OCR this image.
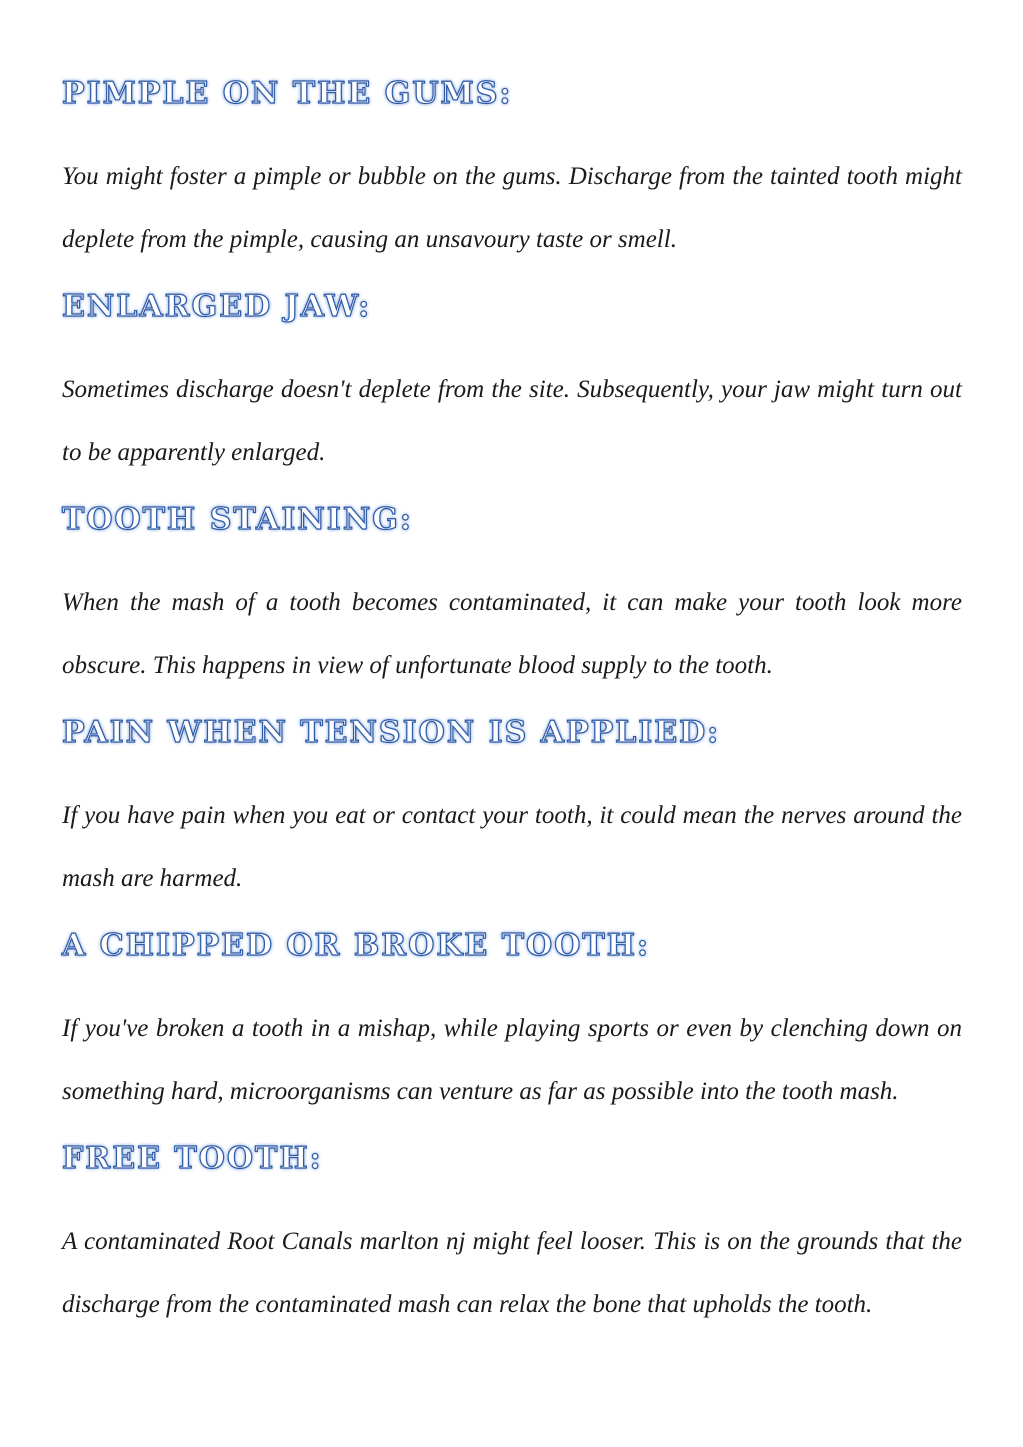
PIMPLE ON THE GUMS:

You might foster a pimple or bubble on the gums. Discharge from the tainted tooth might deplete from the pimple, causing an unsavoury taste or smell.

ENLARGED JAW:

Sometimes discharge doesn't deplete from the site. Subsequently, your jaw might turn out to be apparently enlarged.

TOOTH STAINING:

When the mash of a tooth becomes contaminated, it can make your tooth look more obscure. This happens in view of unfortunate blood supply to the tooth.

PAIN WHEN TENSION IS APPLIED:

If you have pain when you eat or contact your tooth, it could mean the nerves around the mash are harmed.

A CHIPPED OR BROKE TOOTH:

If you've broken a tooth in a mishap, while playing sports or even by clenching down on something hard, microorganisms can venture as far as possible into the tooth mash.

FREE TOOTH:

A contaminated Root Canals marlton nj might feel looser. This is on the grounds that the discharge from the contaminated mash can relax the bone that upholds the tooth.
